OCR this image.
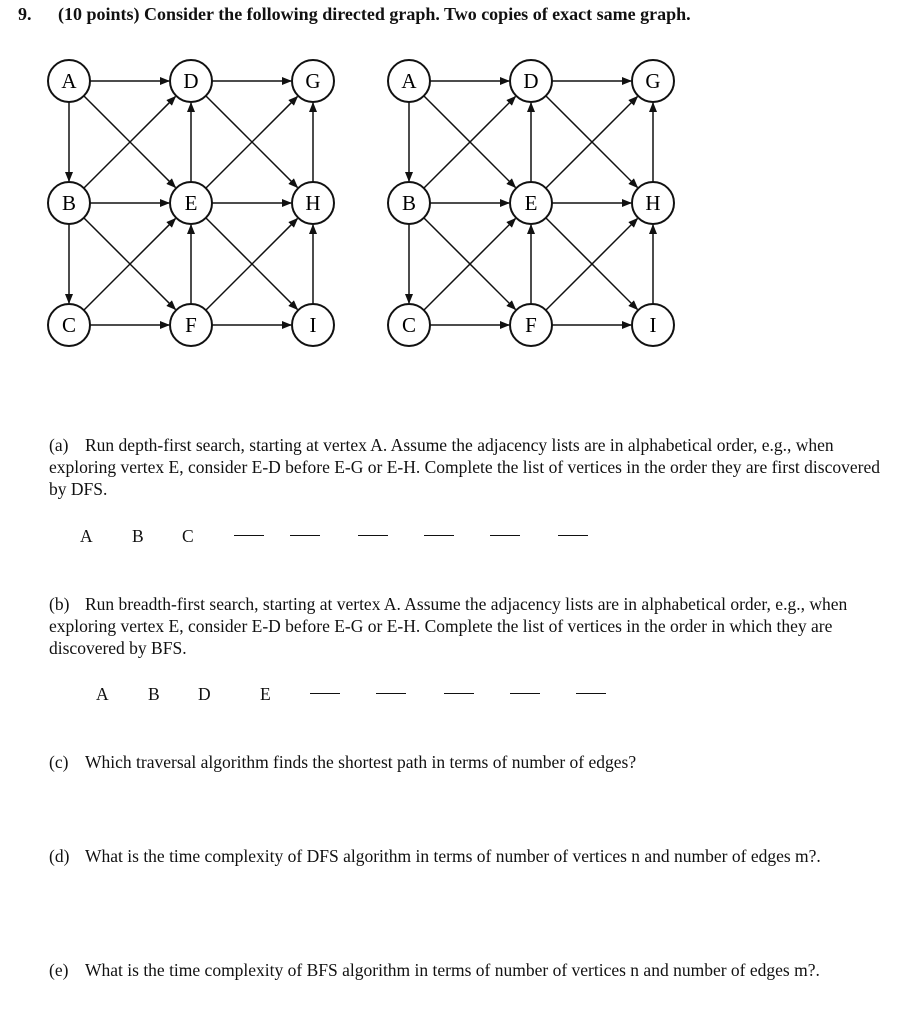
9. (10 points) Consider the following directed graph. Two copies of exact same graph.
A	D	G
B	E	H
C	F	I
A	D	G
B	E	H
C	F	I
(a) Run depth-first search, starting at vertex A. Assume the adjacency lists are in alphabetical order, e.g., when exploring vertex E, consider E-D before E-G or E-H. Complete the list of vertices in the order they are first discovered by DFS.
A B C
(b) Run breadth-first search, starting at vertex A. Assume the adjacency lists are in alphabetical order, e.g., when exploring vertex E, consider E-D before E-G or E-H. Complete the list of vertices in the order in which they are discovered by BFS.
A B D	E
(c) Which traversal algorithm finds the shortest path in terms of number of edges?
(d) What is the time complexity of DFS algorithm in terms of number of vertices n and number of edges m?.
(e) What is the time complexity of BFS algorithm in terms of number of vertices n and number of edges m?.
